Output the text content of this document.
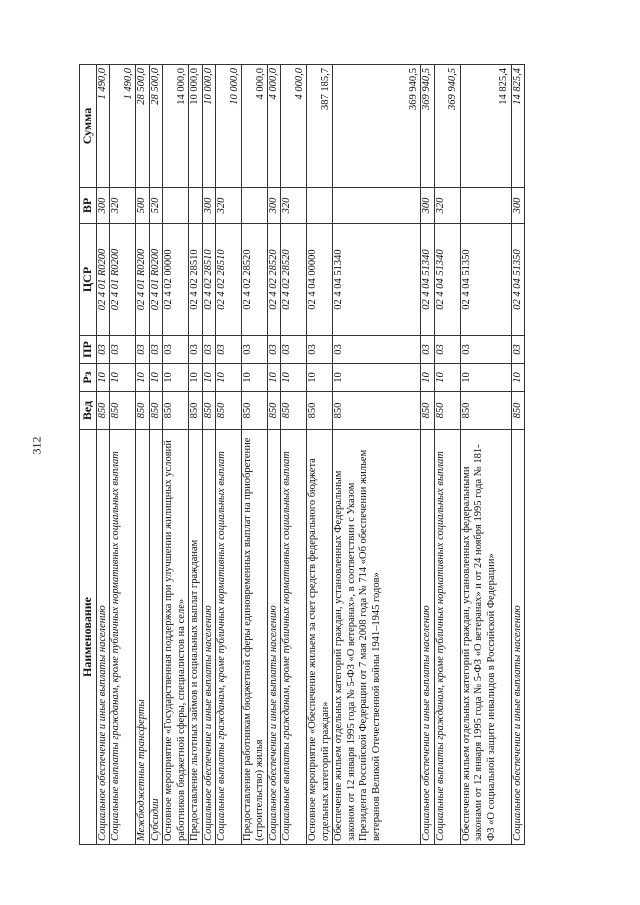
312
Наименование	Вед	Рз	ПР	ЦСР	ВР	Сумма
Социальное обеспечение и иные выплаты населению	850	10	03	02 4 01 R0200	300	1 490,0
Социальные выплаты гражданам, кроме публичных нормативных социальных выплат	850	10	03	02 4 01 R0200	320	1 490,0
Межбюджетные трансферты	850	10	03	02 4 01 R0200	500	28 500,0
Субсидии	850	10	03	02 4 01 R0200	520	28 500,0
Основное мероприятие «Государственная поддержка при улучшении жилищных условий работников бюджетной сферы, специалистов на селе»	850	10	03	02 4 02 00000		14 000,0
Предоставление льготных займов и социальных выплат гражданам	850	10	03	02 4 02 28510		10 000,0
Социальное обеспечение и иные выплаты населению	850	10	03	02 4 02 28510	300	10 000,0
Социальные выплаты гражданам, кроме публичных нормативных социальных выплат	850	10	03	02 4 02 28510	320	10 000,0
Предоставление работникам бюджетной сферы единовременных выплат на приобретение (строительство) жилья	850	10	03	02 4 02 28520		4 000,0
Социальное обеспечение и иные выплаты населению	850	10	03	02 4 02 28520	300	4 000,0
Социальные выплаты гражданам, кроме публичных нормативных социальных выплат	850	10	03	02 4 02 28520	320	4 000,0
Основное мероприятие «Обеспечение жильем за счет средств федерального бюджета отдельных категорий граждан»	850	10	03	02 4 04 00000		387 185,7
Обеспечение жильем отдельных категорий граждан, установленных Федеральным законом от 12 января 1995 года № 5-ФЗ «О ветеранах», в соответствии с Указом Президента Российской Федерации от 7 мая 2008 года № 714 «Об обеспечении жильем ветеранов Великой Отечественной войны 1941–1945 годов»	850	10	03	02 4 04 51340		369 940,5
Социальное обеспечение и иные выплаты населению	850	10	03	02 4 04 51340	300	369 940,5
Социальные выплаты гражданам, кроме публичных нормативных социальных выплат	850	10	03	02 4 04 51340	320	369 940,5
Обеспечение жильем отдельных категорий граждан, установленных федеральными законами от 12 января 1995 года № 5-ФЗ «О ветеранах» и от 24 ноября 1995 года № 181-ФЗ «О социальной защите инвалидов в Российской Федерации»	850	10	03	02 4 04 51350		14 825,4
Социальное обеспечение и иные выплаты населению	850	10	03	02 4 04 51350	300	14 825,4
